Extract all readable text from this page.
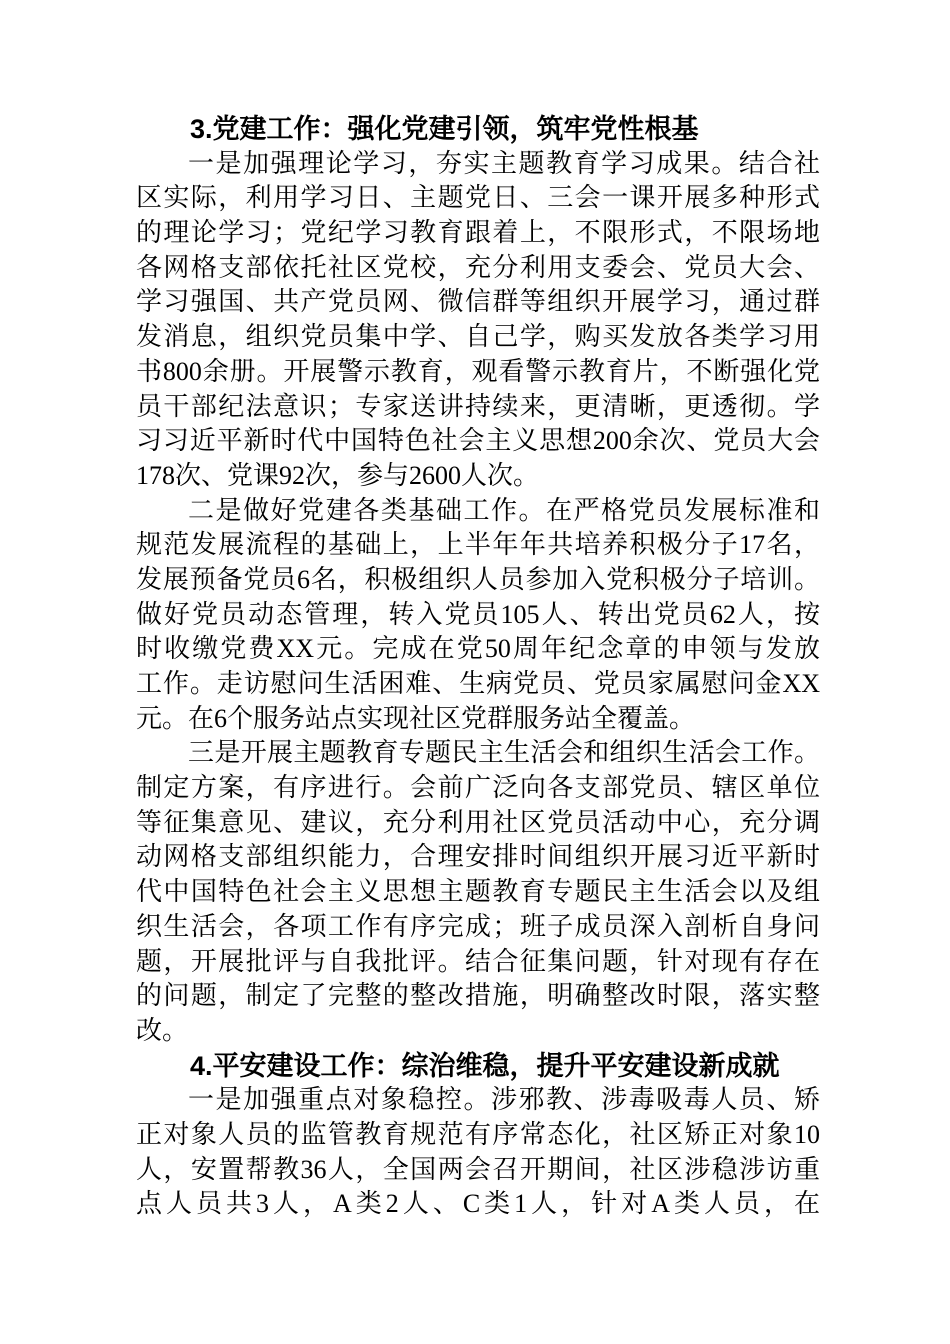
3.党建工作：强化党建引领，筑牢党性根基
一是加强理论学习，夯实主题教育学习成果。结合社
区实际，利用学习日、主题党日、三会一课开展多种形式
的理论学习；党纪学习教育跟着上，不限形式，不限场地
各网格支部依托社区党校，充分利用支委会、党员大会、
学习强国、共产党员网、微信群等组织开展学习，通过群
发消息，组织党员集中学、自己学，购买发放各类学习用
书800余册。开展警示教育，观看警示教育片，不断强化党
员干部纪法意识；专家送讲持续来，更清晰，更透彻。学
习习近平新时代中国特色社会主义思想200余次、党员大会
178次、党课92次，参与2600人次。
二是做好党建各类基础工作。在严格党员发展标准和
规范发展流程的基础上，上半年年共培养积极分子17名，
发展预备党员6名，积极组织人员参加入党积极分子培训。
做好党员动态管理，转入党员105人、转出党员62人，按
时收缴党费XX元。完成在党50周年纪念章的申领与发放
工作。走访慰问生活困难、生病党员、党员家属慰问金XX
元。在6个服务站点实现社区党群服务站全覆盖。
三是开展主题教育专题民主生活会和组织生活会工作。
制定方案，有序进行。会前广泛向各支部党员、辖区单位
等征集意见、建议，充分利用社区党员活动中心，充分调
动网格支部组织能力，合理安排时间组织开展习近平新时
代中国特色社会主义思想主题教育专题民主生活会以及组
织生活会，各项工作有序完成；班子成员深入剖析自身问
题，开展批评与自我批评。结合征集问题，针对现有存在
的问题，制定了完整的整改措施，明确整改时限，落实整
改。
4.平安建设工作：综治维稳，提升平安建设新成就
一是加强重点对象稳控。涉邪教、涉毒吸毒人员、矫
正对象人员的监管教育规范有序常态化，社区矫正对象10
人，安置帮教36人，全国两会召开期间，社区涉稳涉访重
点人员共3人，A类2人、C类1人，针对A类人员，在
